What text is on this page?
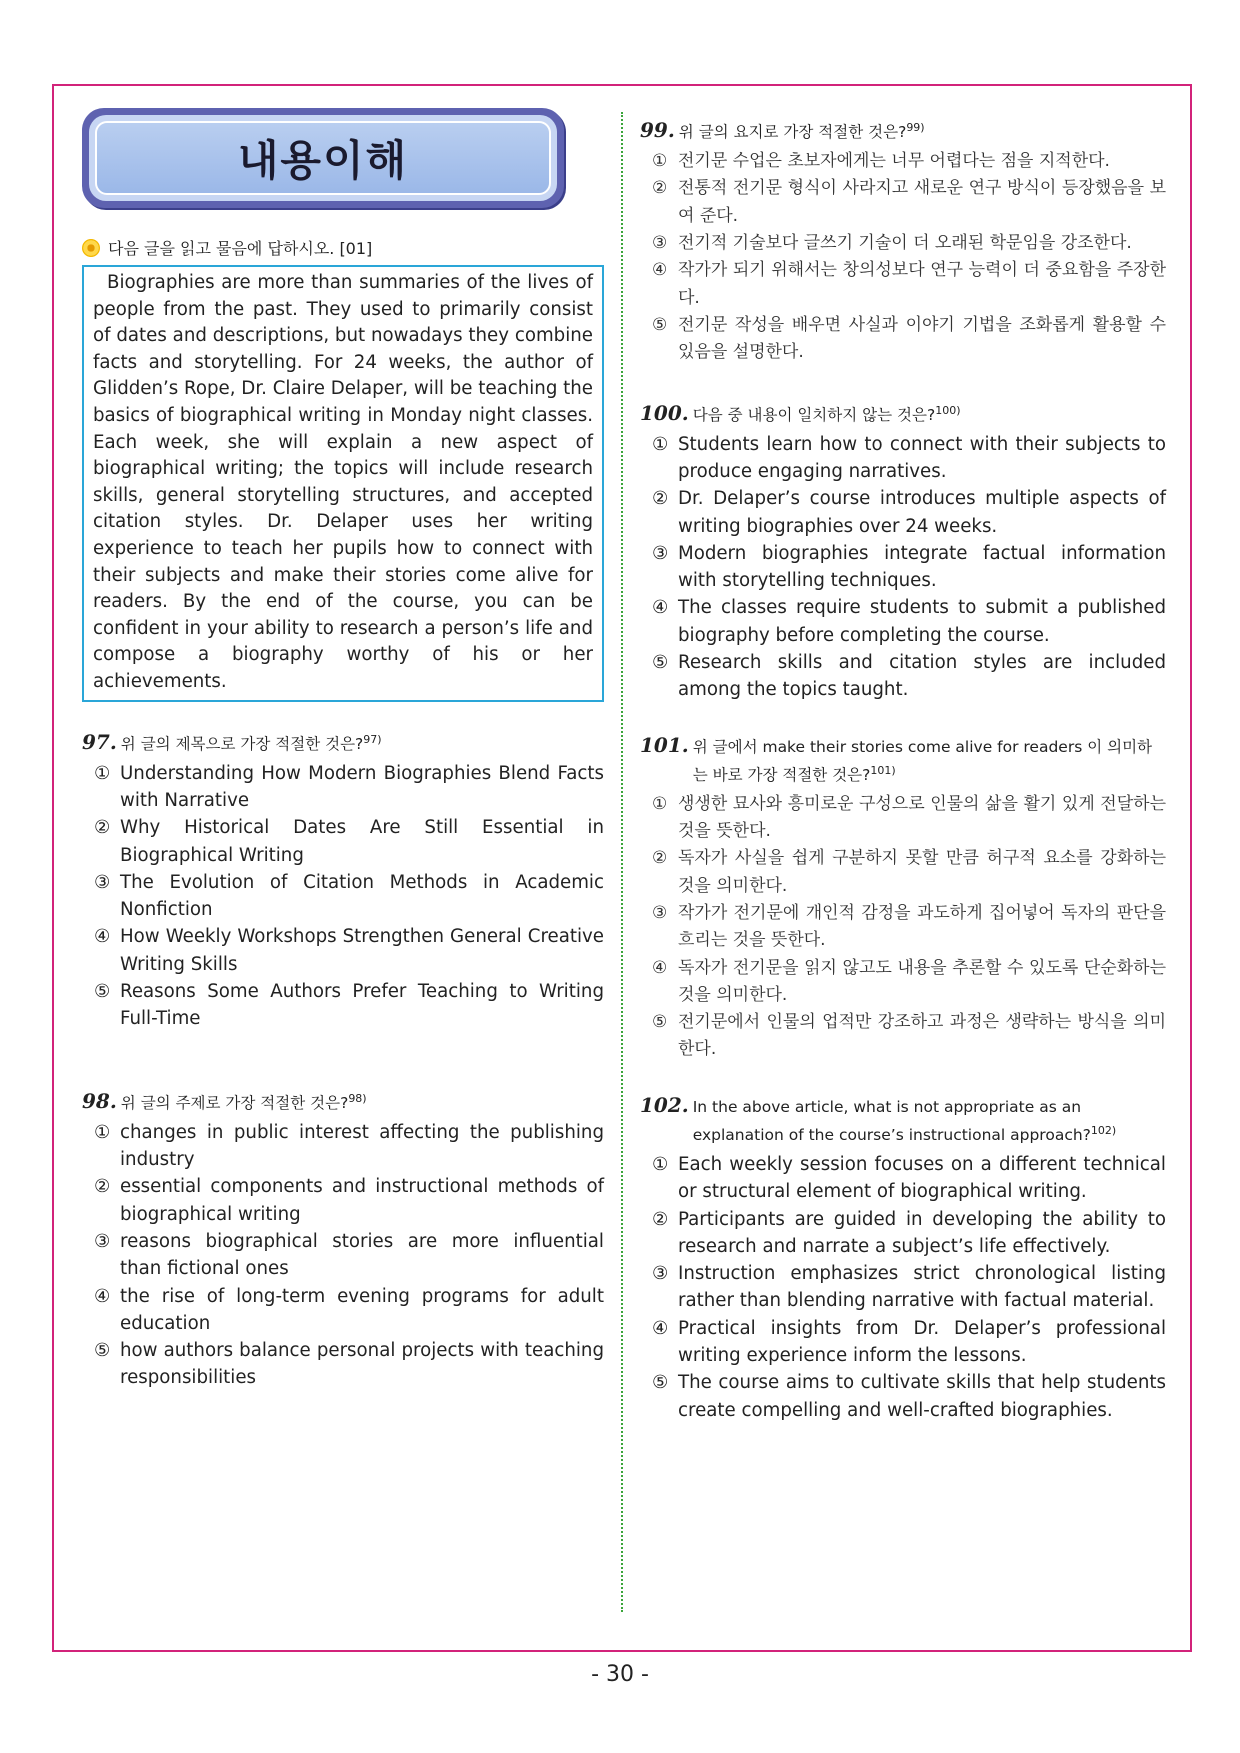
내용이해
다음 글을 읽고 물음에 답하시오. [01]
Biographies are more than summaries of the lives of people from the past. They used to primarily consist of dates and descriptions, but nowadays they combine facts and storytelling. For 24 weeks, the author of Glidden’s Rope, Dr. Claire Delaper, will be teaching the basics of biographical writing in Monday night classes. Each week, she will explain a new aspect of biographical writing; the topics will include research skills, general storytelling structures, and accepted citation styles. Dr. Delaper uses her writing experience to teach her pupils how to connect with their subjects and make their stories come alive for readers. By the end of the course, you can be confident in your ability to research a person’s life and compose a biography worthy of his or her achievements.
97. 위 글의 제목으로 가장 적절한 것은?$^{97)}$
① Understanding How Modern Biographies Blend Facts with Narrative
② Why Historical Dates Are Still Essential in Biographical Writing
③ The Evolution of Citation Methods in Academic Nonfiction
④ How Weekly Workshops Strengthen General Creative Writing Skills
⑤ Reasons Some Authors Prefer Teaching to Writing Full-Time
98. 위 글의 주제로 가장 적절한 것은?$^{98)}$
① changes in public interest affecting the publishing industry
② essential components and instructional methods of biographical writing
③ reasons biographical stories are more influential than fictional ones
④ the rise of long-term evening programs for adult education
⑤ how authors balance personal projects with teaching responsibilities
99. 위 글의 요지로 가장 적절한 것은?$^{99)}$
① 전기문 수업은 초보자에게는 너무 어렵다는 점을 지적한다.
② 전통적 전기문 형식이 사라지고 새로운 연구 방식이 등장했음을 보여 준다.
③ 전기적 기술보다 글쓰기 기술이 더 오래된 학문임을 강조한다.
④ 작가가 되기 위해서는 창의성보다 연구 능력이 더 중요함을 주장한다.
⑤ 전기문 작성을 배우면 사실과 이야기 기법을 조화롭게 활용할 수 있음을 설명한다.
100. 다음 중 내용이 일치하지 않는 것은?$^{100)}$
① Students learn how to connect with their subjects to produce engaging narratives.
② Dr. Delaper’s course introduces multiple aspects of writing biographies over 24 weeks.
③ Modern biographies integrate factual information with storytelling techniques.
④ The classes require students to submit a published biography before completing the course.
⑤ Research skills and citation styles are included among the topics taught.
101. 위 글에서 make their stories come alive for readers 이 의미하는 바로 가장 적절한 것은?$^{101)}$
① 생생한 묘사와 흥미로운 구성으로 인물의 삶을 활기 있게 전달하는 것을 뜻한다.
② 독자가 사실을 쉽게 구분하지 못할 만큼 허구적 요소를 강화하는 것을 의미한다.
③ 작가가 전기문에 개인적 감정을 과도하게 집어넣어 독자의 판단을 흐리는 것을 뜻한다.
④ 독자가 전기문을 읽지 않고도 내용을 추론할 수 있도록 단순화하는 것을 의미한다.
⑤ 전기문에서 인물의 업적만 강조하고 과정은 생략하는 방식을 의미한다.
102. In the above article, what is not appropriate as an explanation of the course’s instructional approach?$^{102)}$
① Each weekly session focuses on a different technical or structural element of biographical writing.
② Participants are guided in developing the ability to research and narrate a subject’s life effectively.
③ Instruction emphasizes strict chronological listing rather than blending narrative with factual material.
④ Practical insights from Dr. Delaper’s professional writing experience inform the lessons.
⑤ The course aims to cultivate skills that help students create compelling and well-crafted biographies.
- 30 -
